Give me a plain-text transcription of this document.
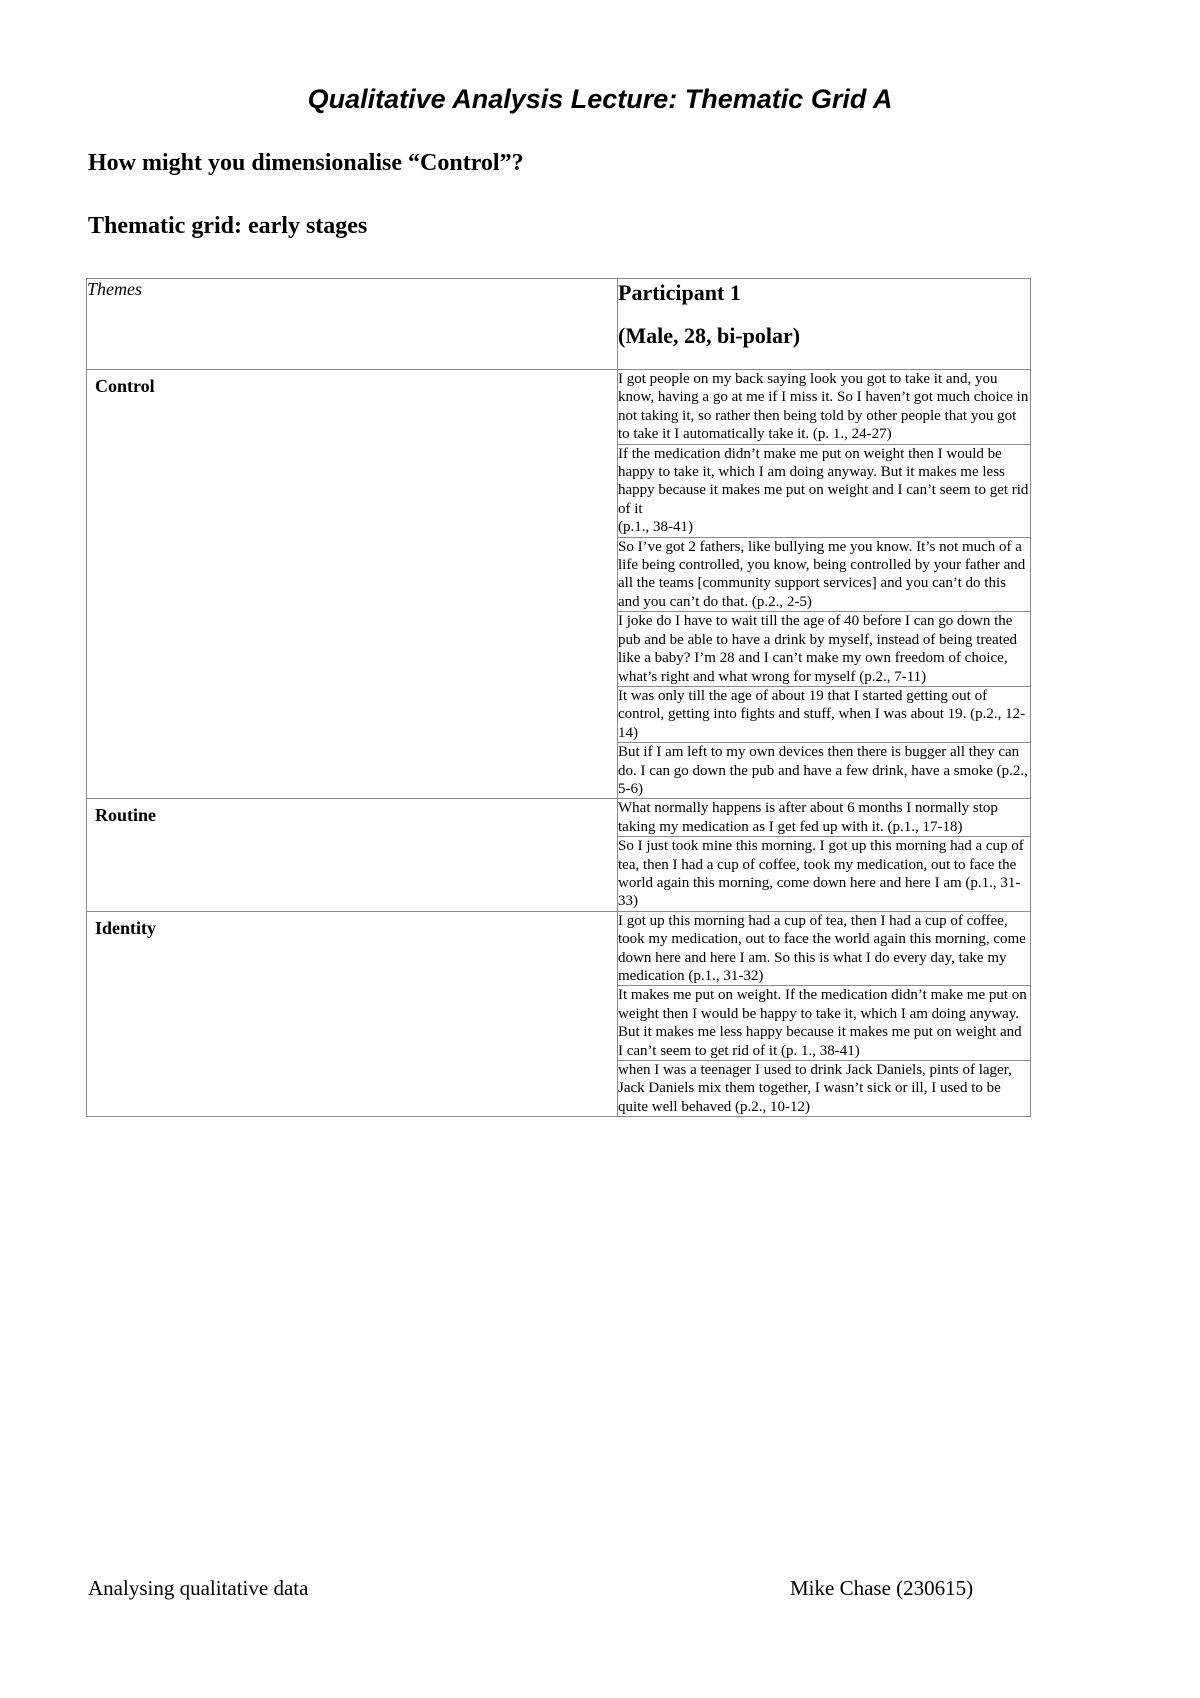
Qualitative Analysis Lecture: Thematic Grid A
How might you dimensionalise “Control”?
Thematic grid: early stages
Themes	Participant 1
(Male, 28, bi-polar)

Control	I got people on my back saying look you got to take it and, you know, having a go at me if I miss it. So I haven’t got much choice in not taking it, so rather then being told by other people that you got to take it I automatically take it. (p. 1., 24-27)
	If the medication didn’t make me put on weight then I would be happy to take it, which I am doing anyway. But it makes me less happy because it makes me put on weight and I can’t seem to get rid of it
(p.1., 38-41)
	So I’ve got 2 fathers, like bullying me you know. It’s not much of a life being controlled, you know, being controlled by your father and all the teams [community support services] and you can’t do this and you can’t do that. (p.2., 2-5)
	I joke do I have to wait till the age of 40 before I can go down the pub and be able to have a drink by myself, instead of being treated like a baby? I’m 28 and I can’t make my own freedom of choice, what’s right and what wrong for myself (p.2., 7-11)
	It was only till the age of about 19 that I started getting out of control, getting into fights and stuff, when I was about 19. (p.2., 12-14)
	But if I am left to my own devices then there is bugger all they can do. I can go down the pub and have a few drink, have a smoke (p.2., 5-6)

Routine	What normally happens is after about 6 months I normally stop taking my medication as I get fed up with it. (p.1., 17-18)
	So I just took mine this morning. I got up this morning had a cup of tea, then I had a cup of coffee, took my medication, out to face the world again this morning, come down here and here I am (p.1., 31-33)

Identity	I got up this morning had a cup of tea, then I had a cup of coffee, took my medication, out to face the world again this morning, come down here and here I am. So this is what I do every day, take my medication (p.1., 31-32)
	It makes me put on weight. If the medication didn’t make me put on weight then I would be happy to take it, which I am doing anyway. But it makes me less happy because it makes me put on weight and I can’t seem to get rid of it (p. 1., 38-41)
	when I was a teenager I used to drink Jack Daniels, pints of lager, Jack Daniels mix them together, I wasn’t sick or ill, I used to be quite well behaved (p.2., 10-12)
Analysing qualitative data	Mike Chase (230615)
